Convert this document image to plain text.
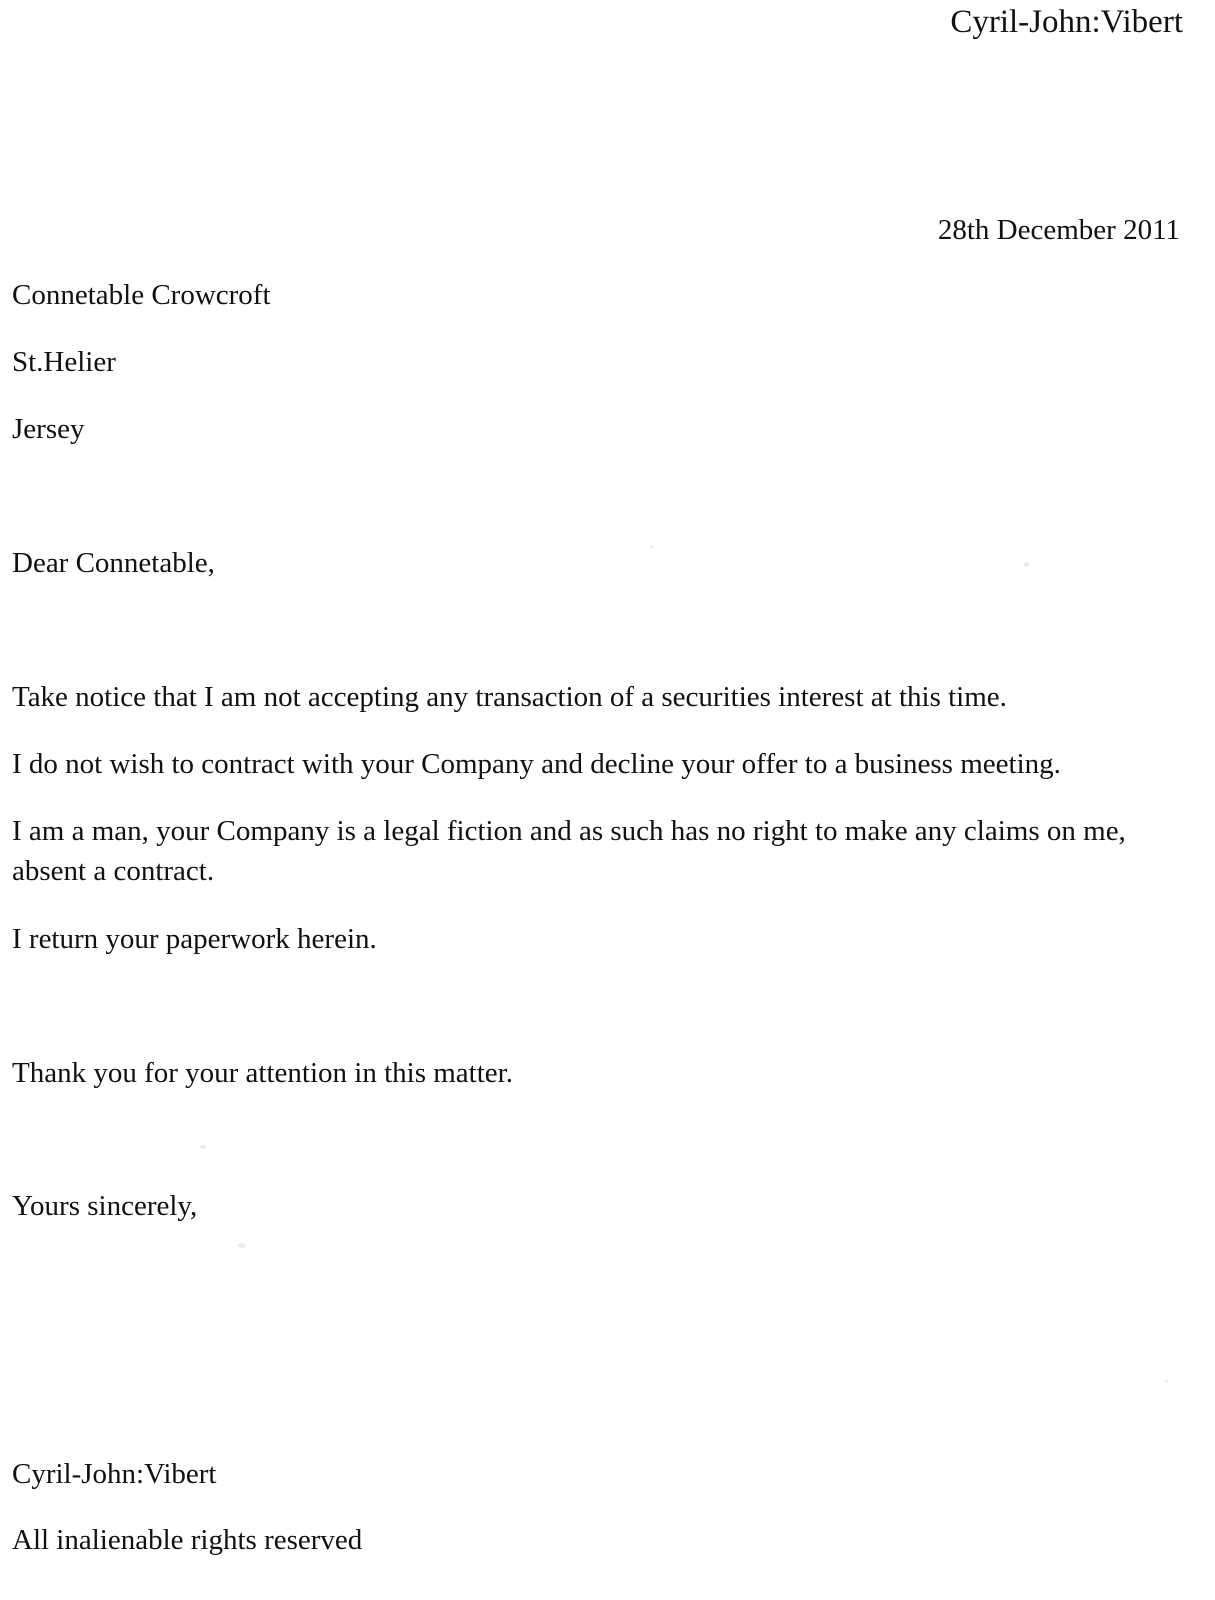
Cyril-John:Vibert

28th December 2011

Connetable Crowcroft

St.Helier

Jersey

Dear Connetable,

Take notice that I am not accepting any transaction of a securities interest at this time.

I do not wish to contract with your Company and decline your offer to a business meeting.

I am a man, your Company is a legal fiction and as such has no right to make any claims on me, absent a contract.

I return your paperwork herein.

Thank you for your attention in this matter.

Yours sincerely,

Cyril-John:Vibert

All inalienable rights reserved
